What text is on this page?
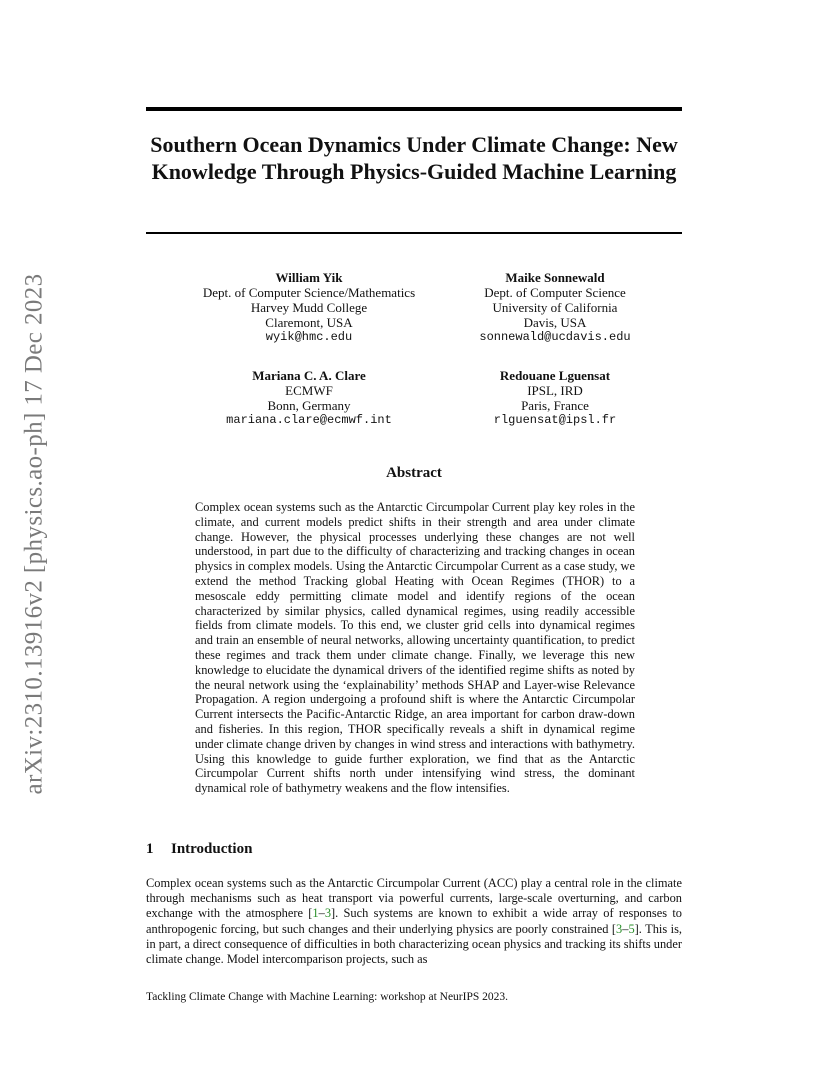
arXiv:2310.13916v2 [physics.ao-ph] 17 Dec 2023
Southern Ocean Dynamics Under Climate Change: New Knowledge Through Physics-Guided Machine Learning
William Yik
Dept. of Computer Science/Mathematics
Harvey Mudd College
Claremont, USA
wyik@hmc.edu
Maike Sonnewald
Dept. of Computer Science
University of California
Davis, USA
sonnewald@ucdavis.edu
Mariana C. A. Clare
ECMWF
Bonn, Germany
mariana.clare@ecmwf.int
Redouane Lguensat
IPSL, IRD
Paris, France
rlguensat@ipsl.fr
Abstract

Complex ocean systems such as the Antarctic Circumpolar Current play key roles in the climate, and current models predict shifts in their strength and area under climate change. However, the physical processes underlying these changes are not well understood, in part due to the difficulty of characterizing and tracking changes in ocean physics in complex models. Using the Antarctic Circumpolar Current as a case study, we extend the method Tracking global Heating with Ocean Regimes (THOR) to a mesoscale eddy permitting climate model and identify regions of the ocean characterized by similar physics, called dynamical regimes, using readily accessible fields from climate models. To this end, we cluster grid cells into dynamical regimes and train an ensemble of neural networks, allowing uncertainty quantification, to predict these regimes and track them under climate change. Finally, we leverage this new knowledge to elucidate the dynamical drivers of the identified regime shifts as noted by the neural network using the ‘explainability’ methods SHAP and Layer-wise Relevance Propagation. A region undergoing a profound shift is where the Antarctic Circumpolar Current intersects the Pacific-Antarctic Ridge, an area important for carbon draw-down and fisheries. In this region, THOR specifically reveals a shift in dynamical regime under climate change driven by changes in wind stress and interactions with bathymetry. Using this knowledge to guide further exploration, we find that as the Antarctic Circumpolar Current shifts north under intensifying wind stress, the dominant dynamical role of bathymetry weakens and the flow intensifies.

1 Introduction

Complex ocean systems such as the Antarctic Circumpolar Current (ACC) play a central role in the climate through mechanisms such as heat transport via powerful currents, large-scale overturning, and carbon exchange with the atmosphere [1–3]. Such systems are known to exhibit a wide array of responses to anthropogenic forcing, but such changes and their underlying physics are poorly constrained [3–5]. This is, in part, a direct consequence of difficulties in both characterizing ocean physics and tracking its shifts under climate change. Model intercomparison projects, such as

Tackling Climate Change with Machine Learning: workshop at NeurIPS 2023.
